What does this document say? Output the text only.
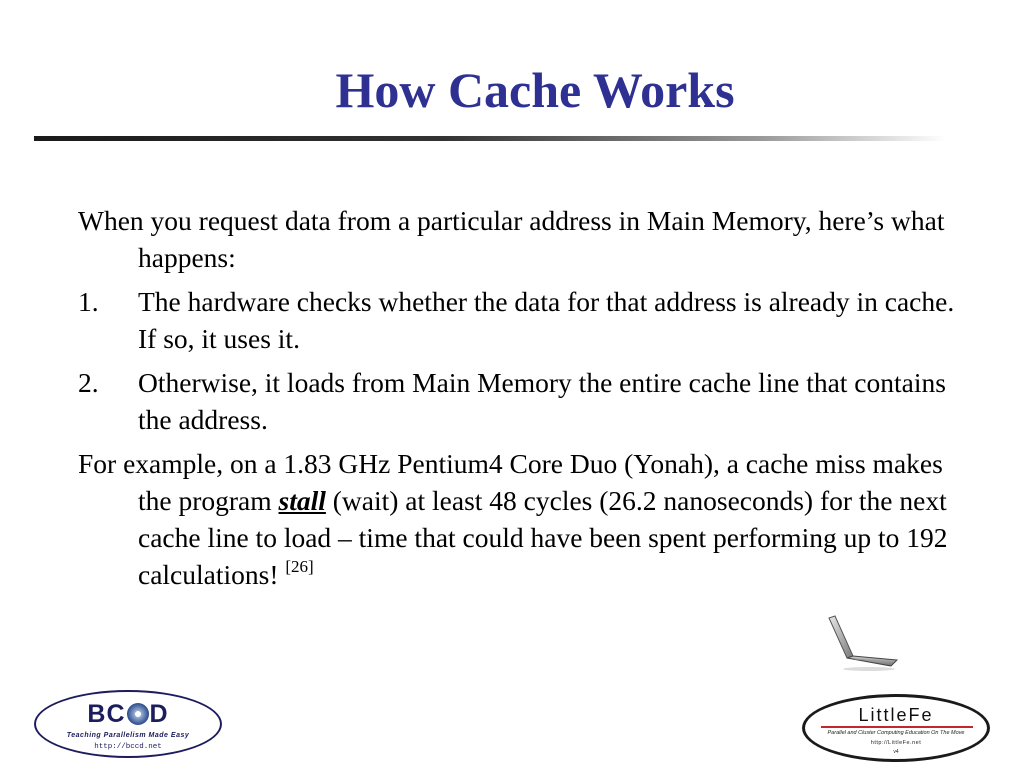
How Cache Works

When you request data from a particular address in Main Memory, here’s what happens:

1. The hardware checks whether the data for that address is already in cache. If so, it uses it.

2. Otherwise, it loads from Main Memory the entire cache line that contains the address.

For example, on a 1.83 GHz Pentium4 Core Duo (Yonah), a cache miss makes the program stall (wait) at least 48 cycles (26.2 nanoseconds) for the next cache line to load – time that could have been spent performing up to 192 calculations! [26]

BC D
Teaching Parallelism Made Easy
http://bccd.net
LittleFe
Parallel and Cluster Computing Education On The Move
http://LittleFe.net
v4
